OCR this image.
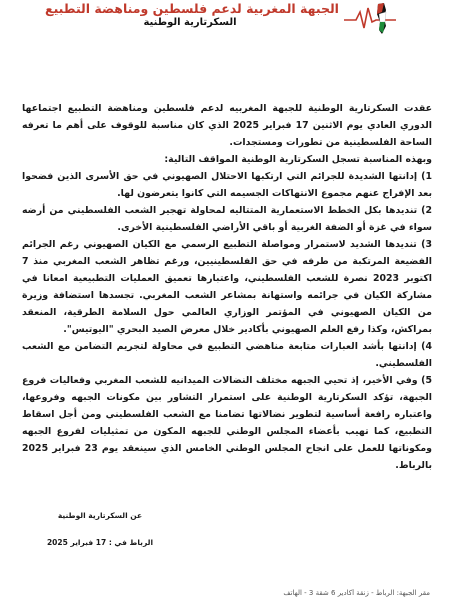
الجبهة المغربية لدعم فلسطين ومناهضة التطبيع
السكرتارية الوطنية

عقدت السكرتارية الوطنية للجبهة المغربيه لدعم فلسطين ومناهضة التطبيع اجتماعها الدوري العادي يوم الاثنين 17 فبراير 2025 الذي كان مناسبة للوقوف على أهم ما تعرفه الساحة الفلسطينية من تطورات ومستجدات.

وبهذه المناسبة تسجل السكرتارية الوطنية المواقف التالية:

1) إدانتها الشديدة للجرائم التي ارتكبها الاحتلال الصهيوني في حق الأسرى الذين فضحوا بعد الإفراج عنهم مجموع الانتهاكات الجسيمه التي كانوا يتعرضون لها.

2) تنديدها بكل الخطط الاستعمارية المتتاليه لمحاولة تهجير الشعب الفلسطيني من أرضه سواء في غزة أو الضفة الغربية أو باقي الأراضي الفلسطينية الأخرى.

3) تنديدها الشديد لاستمرار ومواصلة التطبيع الرسمي مع الكيان الصهيوني رغم الجرائم الفضيعة المرتكبة من طرفه في حق الفلسطينيين، ورغم تظاهر الشعب المغربي منذ 7 اكتوبر 2023 نصرة للشعب الفلسطيني، واعتبارها تعميق العمليات التطبيعية امعانا في مشاركة الكيان في جرائمه واستهانة بمشاعر الشعب المغربي. تجسدها استضافة وزيرة من الكيان الصهيوني في المؤتمر الوزاري العالمي حول السلامة الطرقية، المنعقد بمراكش، وكذا رفع العلم الصهيوني بأكادير خلال معرض الصيد البحري "اليوتيس".

4) إدانتها بأشد العبارات متابعة مناهضي التطبيع في محاولة لتجريم التضامن مع الشعب الفلسطيني.

5) وفي الأخير، إذ تحيي الجبهه مختلف النضالات الميدانيه للشعب المغربي وفعاليات فروع الجبهة، تؤكد السكرتارية الوطنية على استمرار التشاور بين مكونات الجبهه وفروعها، واعتباره رافعة أساسية لتطوير نضالاتها تضامنا مع الشعب الفلسطيني ومن أجل اسقاط التطبيع، كما تهيب بأعضاء المجلس الوطني للجبهه المكون من تمثيليات لفروع الجبهه ومكوناتها للعمل على انجاح المجلس الوطني الخامس الذي سينعقد يوم 23 فبراير 2025 بالرباط.

عن السكرتارية الوطنية
الرباط في : 17 فبراير 2025
مقر الجبهة: الرباط - زنقة أكادير 6 شقة 3 - الهاتف
